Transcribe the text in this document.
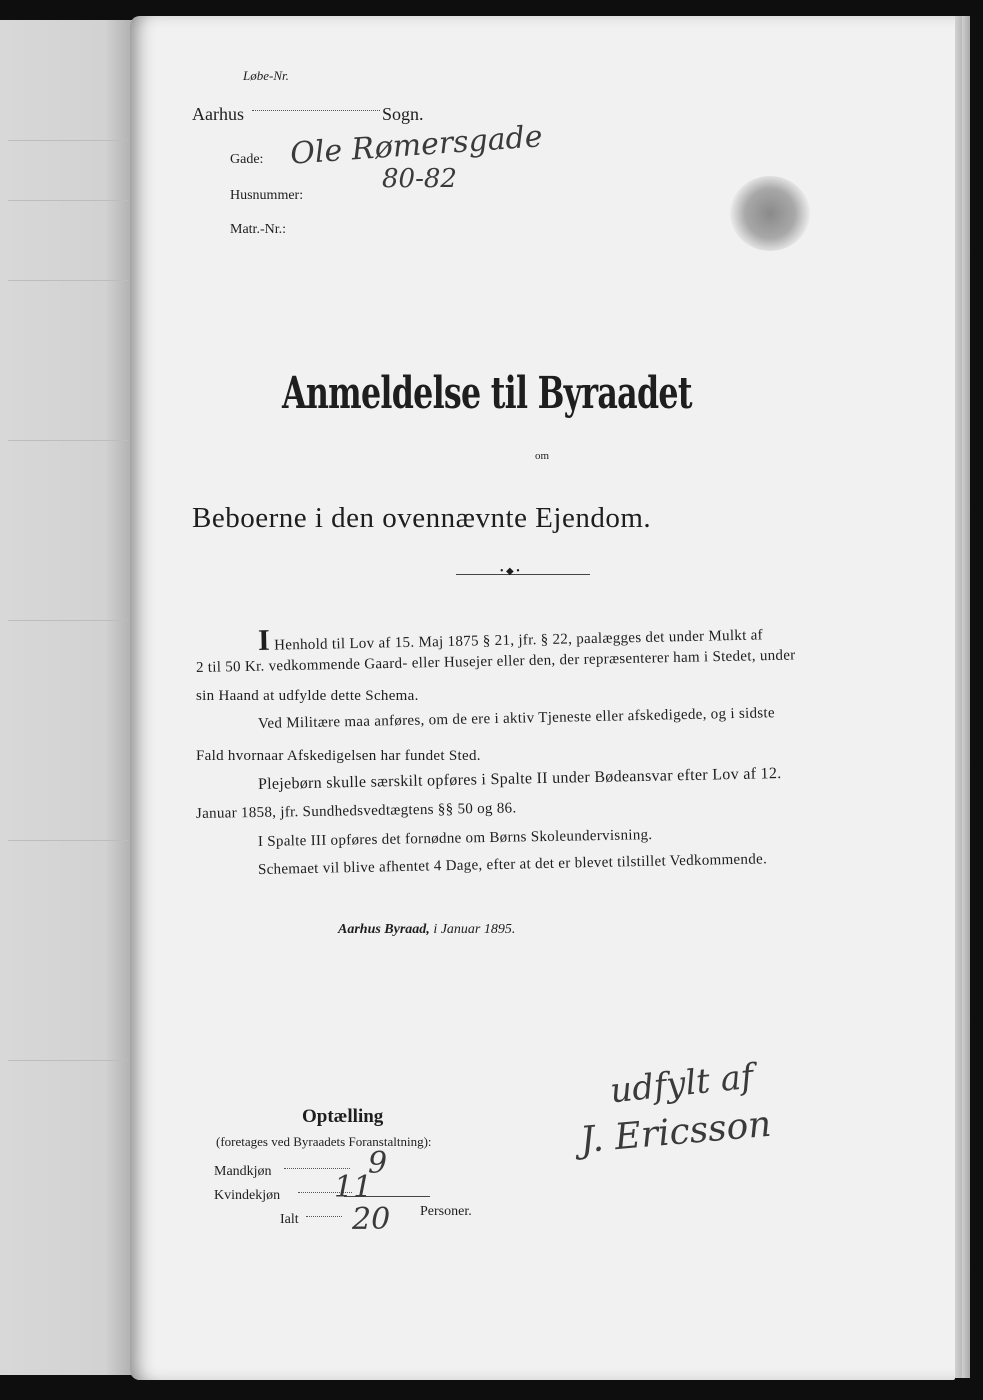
Løbe-Nr.
Aarhus	Sogn.
Gade:
Husnummer:
Matr.-Nr.:
Ole Rømersgade
80-82
Anmeldelse til Byraadet
om
Beboerne i den ovennævnte Ejendom.
• ◆ •
I Henhold til Lov af 15. Maj 1875 § 21, jfr. § 22, paalægges det under Mulkt af
2 til 50 Kr. vedkommende Gaard- eller Husejer eller den, der repræsenterer ham i Stedet, under
sin Haand at udfylde dette Schema.
Ved Militære maa anføres, om de ere i aktiv Tjeneste eller afskedigede, og i sidste
Fald hvornaar Afskedigelsen har fundet Sted.
Plejebørn skulle særskilt opføres i Spalte II under Bødeansvar efter Lov af 12.
Januar 1858, jfr. Sundhedsvedtægtens §§ 50 og 86.
I Spalte III opføres det fornødne om Børns Skoleundervisning.
Schemaet vil blive afhentet 4 Dage, efter at det er blevet tilstillet Vedkommende.
Aarhus Byraad, i Januar 1895.
udfylt af
J. Ericsson
Optælling
(foretages ved Byraadets Foranstaltning):
Mandkjøn
Kvindekjøn
Ialt
Personer.
9
11
20
